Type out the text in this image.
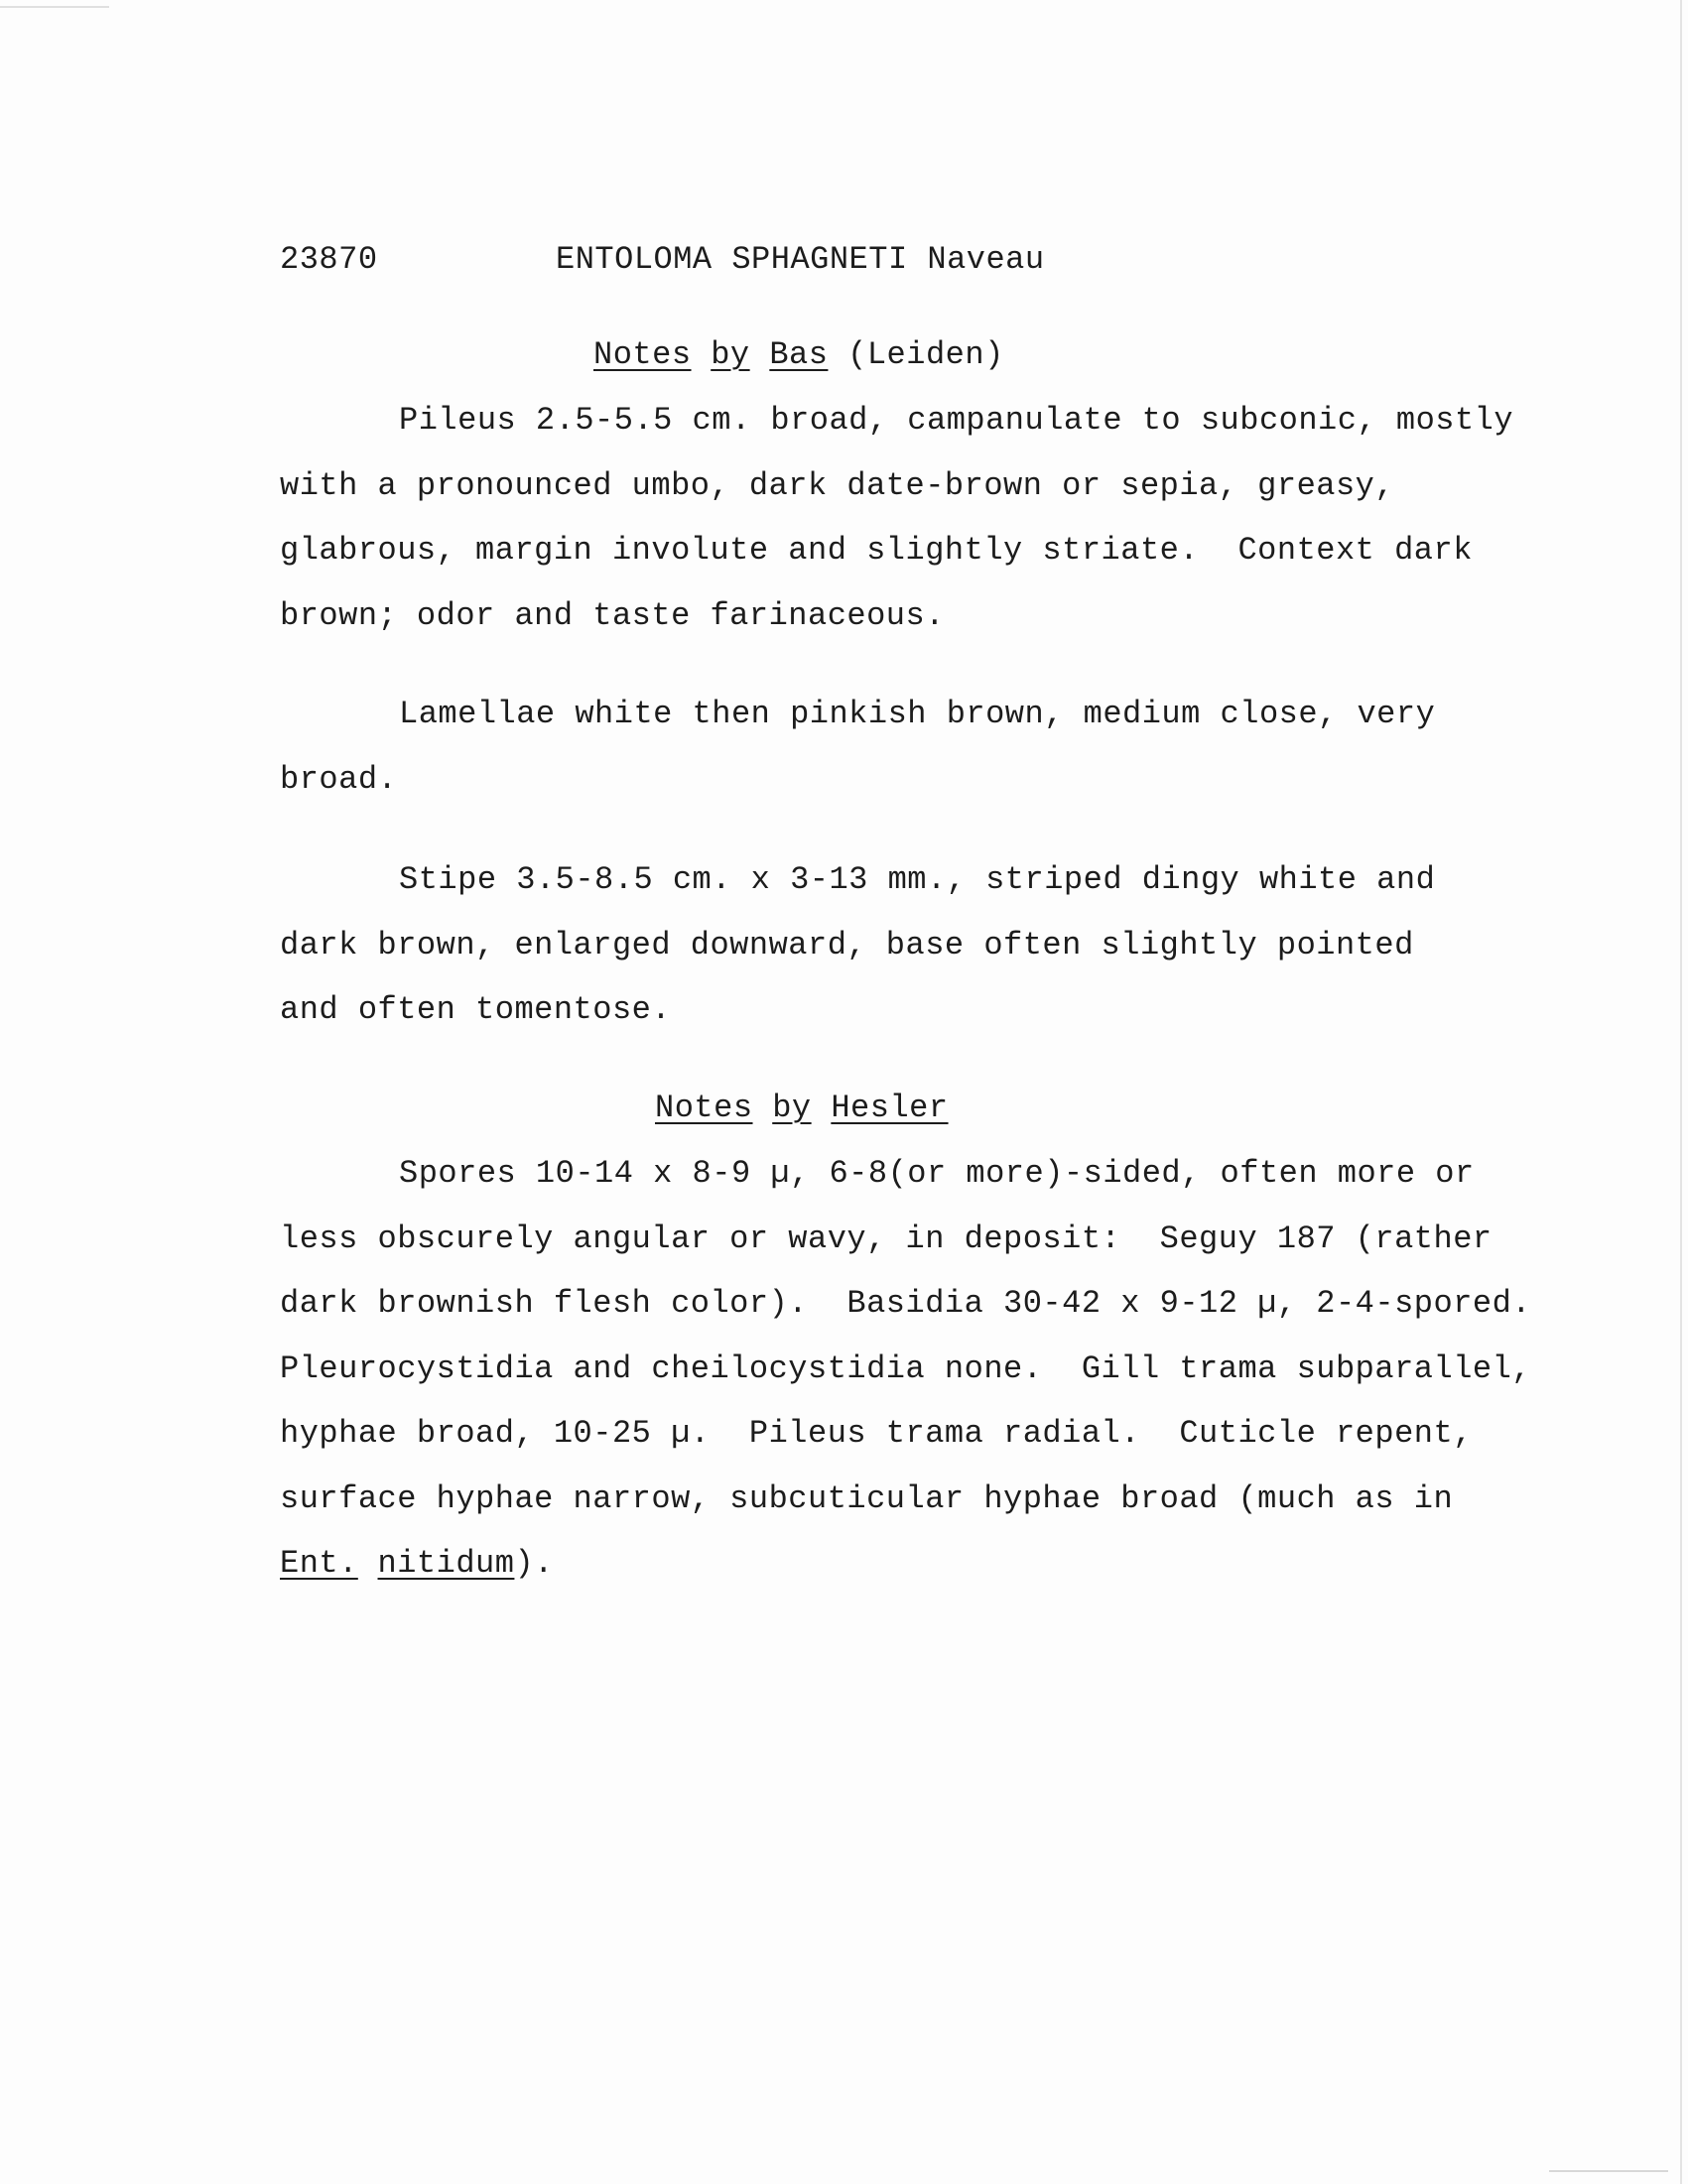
23870	ENTOLOMA SPHAGNETI Naveau
Notes by Bas (Leiden)
Pileus 2.5-5.5 cm. broad, campanulate to subconic, mostly
with a pronounced umbo, dark date-brown or sepia, greasy,
glabrous, margin involute and slightly striate.  Context dark
brown; odor and taste farinaceous.
Lamellae white then pinkish brown, medium close, very
broad.
Stipe 3.5-8.5 cm. x 3-13 mm., striped dingy white and
dark brown, enlarged downward, base often slightly pointed
and often tomentose.
Notes by Hesler
Spores 10-14 x 8-9 µ, 6-8(or more)-sided, often more or
less obscurely angular or wavy, in deposit:  Seguy 187 (rather
dark brownish flesh color).  Basidia 30-42 x 9-12 µ, 2-4-spored.
Pleurocystidia and cheilocystidia none.  Gill trama subparallel,
hyphae broad, 10-25 µ.  Pileus trama radial.  Cuticle repent,
surface hyphae narrow, subcuticular hyphae broad (much as in
Ent. nitidum).
